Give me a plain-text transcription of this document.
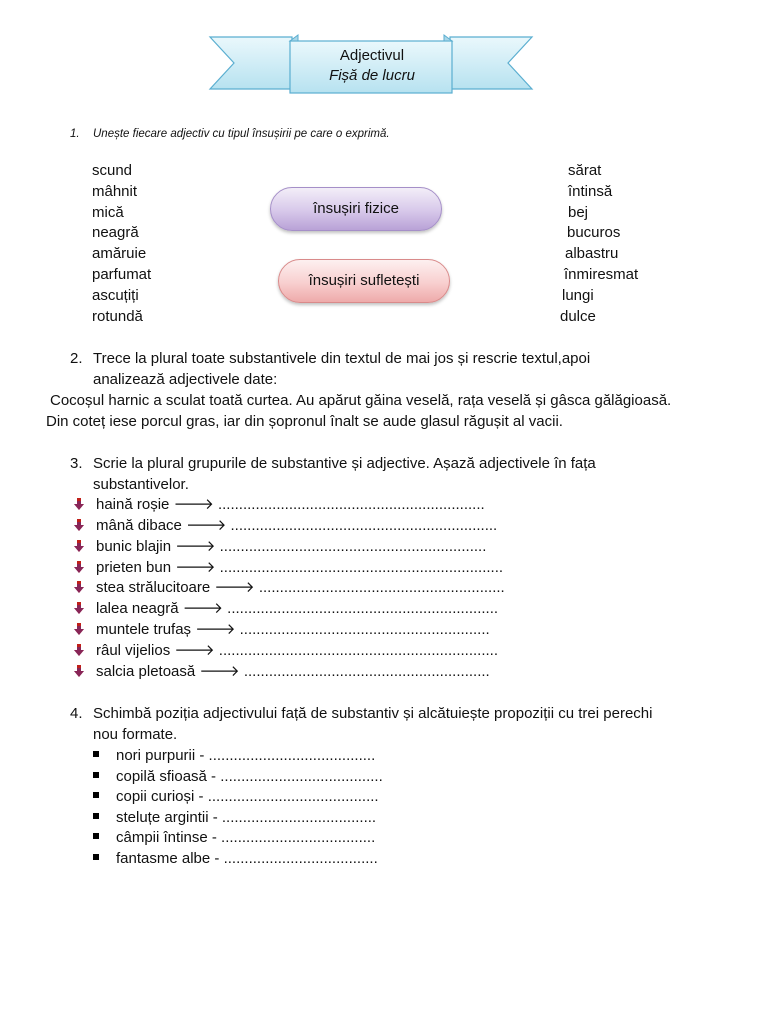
Adjectivul
Fișă de lucru
1. Unește fiecare adjectiv cu tipul însușirii pe care o exprimă.
scund
mâhnit
mică
neagră
amăruie
parfumat
ascuțiți
rotundă
sărat
întinsă
bej
bucuros
albastru
înmiresmat
lungi
dulce
însușiri fizice
însușiri sufletești
2. Trece la plural toate substantivele din textul de mai jos și rescrie textul,apoi
analizează adjectivele date:
Cocoșul harnic a sculat toată curtea. Au apărut găina veselă, rața veselă și gâsca gălăgioasă.
Din coteț iese porcul gras, iar din șopronul înalt se aude glasul răgușit al vacii.
3. Scrie la plural grupurile de substantive și adjective. Așază adjectivele în fața
substantivelor.
haină roșie 🡒 ................................................................
mână dibace 🡒 ................................................................
bunic blajin 🡒 ................................................................
prieten bun 🡒 ....................................................................
stea strălucitoare 🡒 ...........................................................
lalea neagră 🡒 .................................................................
muntele trufaș 🡒 ............................................................
râul vijelios 🡒 ...................................................................
salcia pletoasă 🡒 ...........................................................
4. Schimbă poziția adjectivului față de substantiv și alcătuiește propoziții cu trei perechi
nou formate.
nori purpurii - ........................................
copilă sfioasă - .......................................
copii curioși - .........................................
steluțe argintii - .....................................
câmpii întinse - .....................................
fantasme albe - .....................................
